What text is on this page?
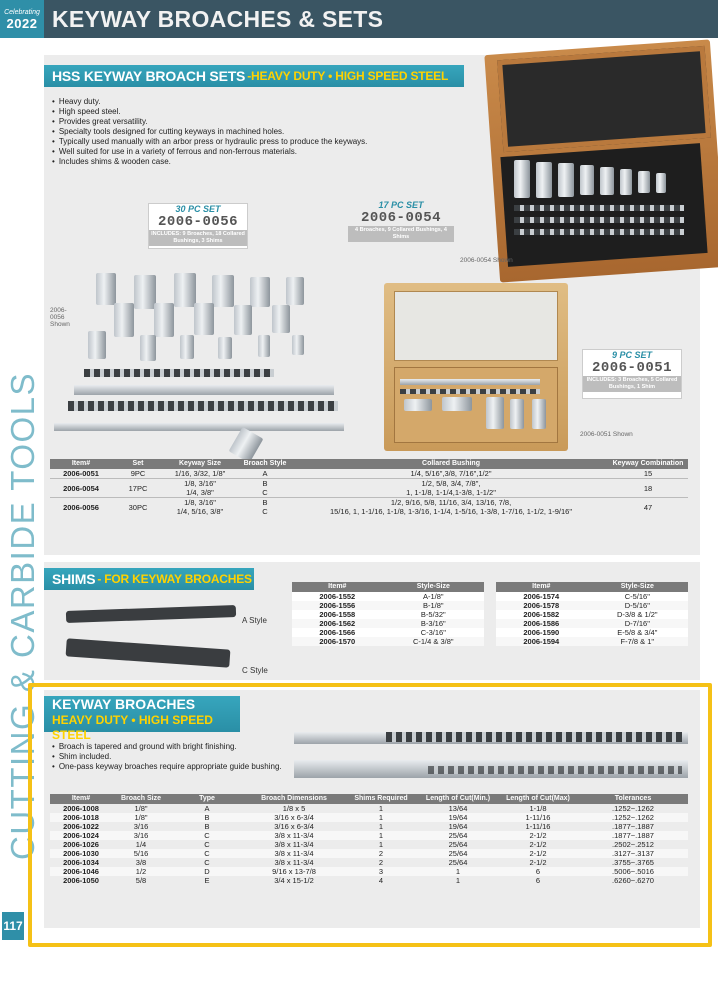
Celebrating
2022 KEYWAY BROACHES & SETS
CUTTING & CARBIDE TOOLS
117
HSS KEYWAY BROACH SETS -HEAVY DUTY • HIGH SPEED STEEL
• Heavy duty.
• High speed steel.
• Provides great versatility.
• Specialty tools designed for cutting keyways in machined holes.
• Typically used manually with an arbor press or hydraulic press to produce the keyways.
• Well suited for use in a variety of ferrous and non-ferrous materials.
• Includes shims & wooden case.
2006-0054 Shown
30 PC SET
2006-0056
INCLUDES: 9 Broaches, 18 Collared Bushings, 3 Shims
17 PC SET
2006-0054
4 Broaches, 9 Collared Bushings, 4 Shims
2006-0056 Shown
9 PC SET
2006-0051
INCLUDES: 3 Broaches, 5 Collared Bushings, 1 Shim
2006-0051 Shown
Item#	Set	Keyway Size	Broach Style	Collared Bushing	Keyway Combination
2006-0051	9PC	1/16, 3/32, 1/8"	A	1/4, 5/16",3/8, 7/16",1/2"	15
2006-0054	17PC	1/8, 3/16"	B	1/2, 5/8, 3/4, 7/8",	18
		1/4, 3/8"	C	1, 1-1/8, 1-1/4,1-3/8, 1-1/2"	
2006-0056	30PC	1/8, 3/16"	B	1/2, 9/16, 5/8, 11/16, 3/4, 13/16, 7/8,	47
		1/4, 5/16, 3/8"	C	15/16, 1, 1-1/16, 1-1/8, 1-3/16, 1-1/4, 1-5/16, 1-3/8, 1-7/16, 1-1/2, 1-9/16"	
SHIMS - FOR KEYWAY BROACHES
A Style
C Style
Item#	Style-Size
2006-1552	A-1/8"
2006-1556	B-1/8"
2006-1558	B-5/32"
2006-1562	B-3/16"
2006-1566	C-3/16"
2006-1570	C-1/4 & 3/8"
Item#	Style-Size
2006-1574	C-5/16"
2006-1578	D-5/16"
2006-1582	D-3/8 & 1/2"
2006-1586	D-7/16"
2006-1590	E-5/8 & 3/4"
2006-1594	F-7/8 & 1"
KEYWAY BROACHES
HEAVY DUTY • HIGH SPEED STEEL
• Broach is tapered and ground with bright finishing.
• Shim included.
• One-pass keyway broaches require appropriate guide bushing.
Item#	Broach Size	Type	Broach Dimensions	Shims Required	Length of Cut(Min.)	Length of Cut(Max)	Tolerances
2006-1008	1/8"	A	1/8 x 5	1	13/64	1-1/8	.1252~.1262
2006-1018	1/8"	B	3/16 x 6-3/4	1	19/64	1-11/16	.1252~.1262
2006-1022	3/16	B	3/16 x 6-3/4	1	19/64	1-11/16	.1877~.1887
2006-1024	3/16	C	3/8 x 11-3/4	1	25/64	2-1/2	.1877~.1887
2006-1026	1/4	C	3/8 x 11-3/4	1	25/64	2-1/2	.2502~.2512
2006-1030	5/16	C	3/8 x 11-3/4	2	25/64	2-1/2	.3127~.3137
2006-1034	3/8	C	3/8 x 11-3/4	2	25/64	2-1/2	.3755~.3765
2006-1046	1/2	D	9/16 x 13-7/8	3	1	6	.5006~.5016
2006-1050	5/8	E	3/4 x 15-1/2	4	1	6	.6260~.6270
